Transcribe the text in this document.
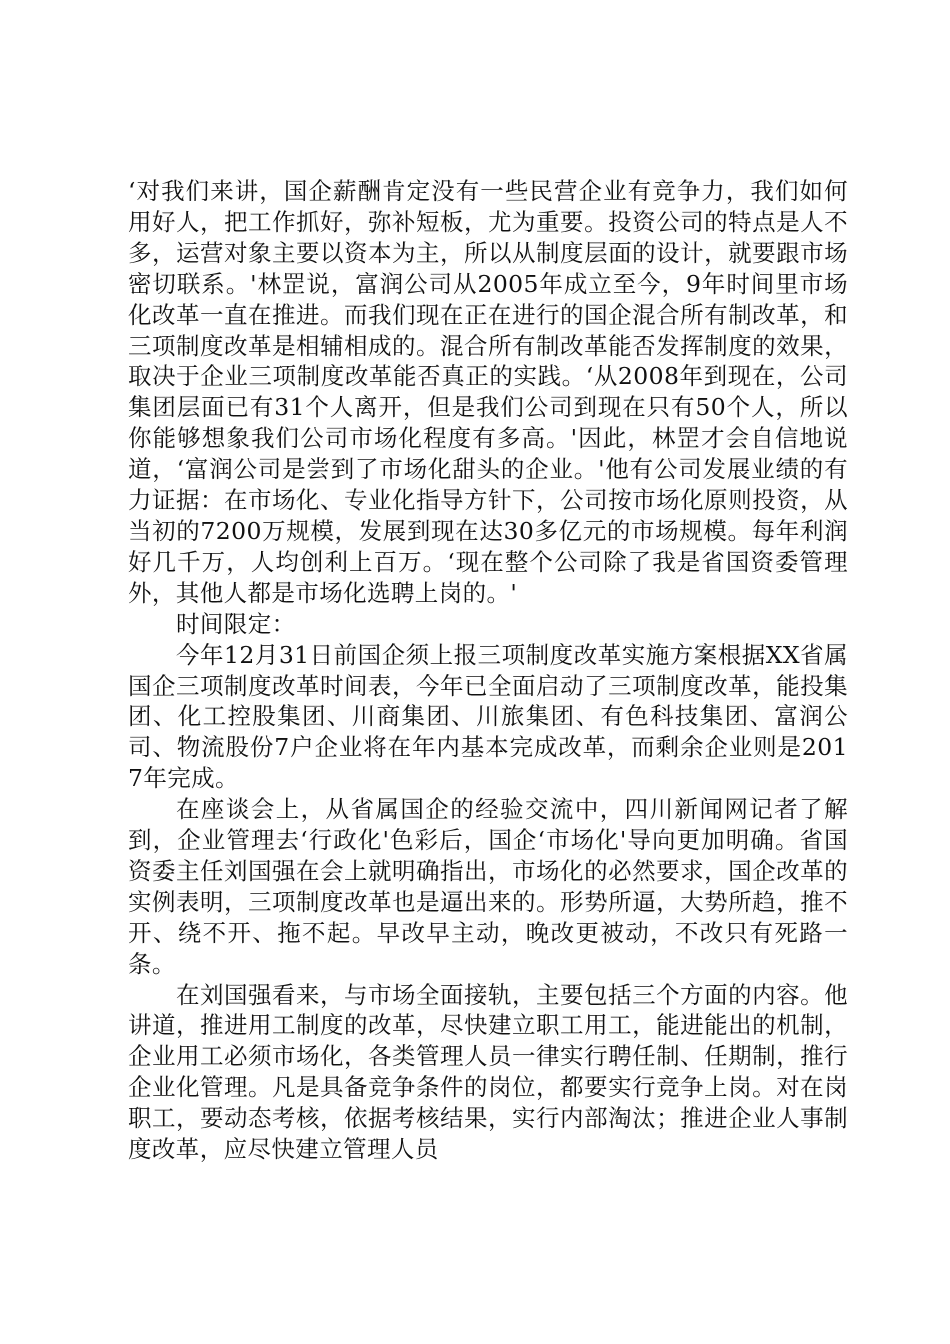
‘对我们来讲，国企薪酬肯定没有一些民营企业有竞争力，我们如何用好人，把工作抓好，弥补短板，尤为重要。投资公司的特点是人不多，运营对象主要以资本为主，所以从制度层面的设计，就要跟市场密切联系。'林罡说，富润公司从2005年成立至今，9年时间里市场化改革一直在推进。而我们现在正在进行的国企混合所有制改革，和三项制度改革是相辅相成的。混合所有制改革能否发挥制度的效果，取决于企业三项制度改革能否真正的实践。‘从2008年到现在，公司集团层面已有31个人离开，但是我们公司到现在只有50个人，所以你能够想象我们公司市场化程度有多高。'因此，林罡才会自信地说道，‘富润公司是尝到了市场化甜头的企业。'他有公司发展业绩的有力证据：在市场化、专业化指导方针下，公司按市场化原则投资，从当初的7200万规模，发展到现在达30多亿元的市场规模。每年利润好几千万，人均创利上百万。‘现在整个公司除了我是省国资委管理外，其他人都是市场化选聘上岗的。'

时间限定：

今年12月31日前国企须上报三项制度改革实施方案根据XX省属国企三项制度改革时间表，今年已全面启动了三项制度改革，能投集团、化工控股集团、川商集团、川旅集团、有色科技集团、富润公司、物流股份7户企业将在年内基本完成改革，而剩余企业则是2017年完成。

在座谈会上，从省属国企的经验交流中，四川新闻网记者了解到，企业管理去‘行政化'色彩后，国企‘市场化'导向更加明确。省国资委主任刘国强在会上就明确指出，市场化的必然要求，国企改革的实例表明，三项制度改革也是逼出来的。形势所逼，大势所趋，推不开、绕不开、拖不起。早改早主动，晚改更被动，不改只有死路一条。

在刘国强看来，与市场全面接轨，主要包括三个方面的内容。他讲道，推进用工制度的改革，尽快建立职工用工，能进能出的机制，企业用工必须市场化，各类管理人员一律实行聘任制、任期制，推行企业化管理。凡是具备竞争条件的岗位，都要实行竞争上岗。对在岗职工，要动态考核，依据考核结果，实行内部淘汰；推进企业人事制度改革，应尽快建立管理人员
